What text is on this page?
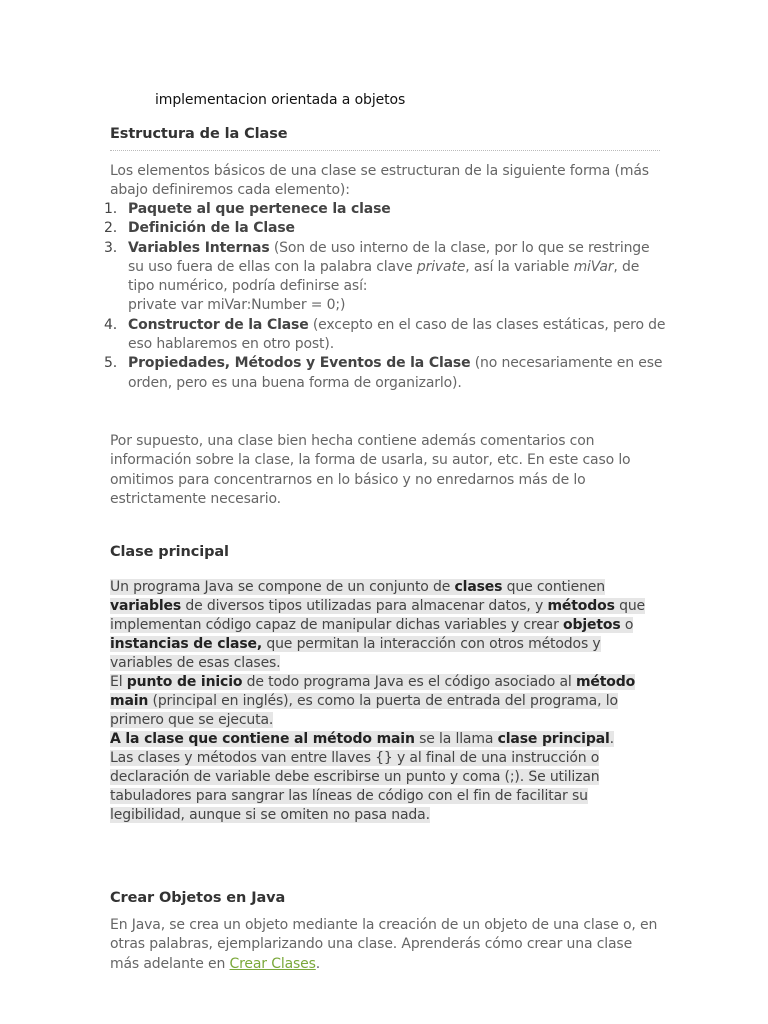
implementacion orientada a objetos
Estructura de la Clase
Los elementos básicos de una clase se estructuran de la siguiente forma (más abajo definiremos cada elemento):
1. Paquete al que pertenece la clase
2. Definición de la Clase
3. Variables Internas (Son de uso interno de la clase, por lo que se restringe su uso fuera de ellas con la palabra clave private, así la variable miVar, de tipo numérico, podría definirse así:
private var miVar:Number = 0;)
4. Constructor de la Clase (excepto en el caso de las clases estáticas, pero de eso hablaremos en otro post).
5. Propiedades, Métodos y Eventos de la Clase (no necesariamente en ese orden, pero es una buena forma de organizarlo).
Por supuesto, una clase bien hecha contiene además comentarios con información sobre la clase, la forma de usarla, su autor, etc. En este caso lo omitimos para concentrarnos en lo básico y no enredarnos más de lo estrictamente necesario.
Clase principal
Un programa Java se compone de un conjunto de clases que contienen variables de diversos tipos utilizadas para almacenar datos, y métodos que implementan código capaz de manipular dichas variables y crear objetos o instancias de clase, que permitan la interacción con otros métodos y variables de esas clases.
El punto de inicio de todo programa Java es el código asociado al método main (principal en inglés), es como la puerta de entrada del programa, lo primero que se ejecuta.
A la clase que contiene al método main se la llama clase principal.
Las clases y métodos van entre llaves {} y al final de una instrucción o declaración de variable debe escribirse un punto y coma (;). Se utilizan tabuladores para sangrar las líneas de código con el fin de facilitar su legibilidad, aunque si se omiten no pasa nada.
Crear Objetos en Java
En Java, se crea un objeto mediante la creación de un objeto de una clase o, en otras palabras, ejemplarizando una clase. Aprenderás cómo crear una clase más adelante en Crear Clases.
